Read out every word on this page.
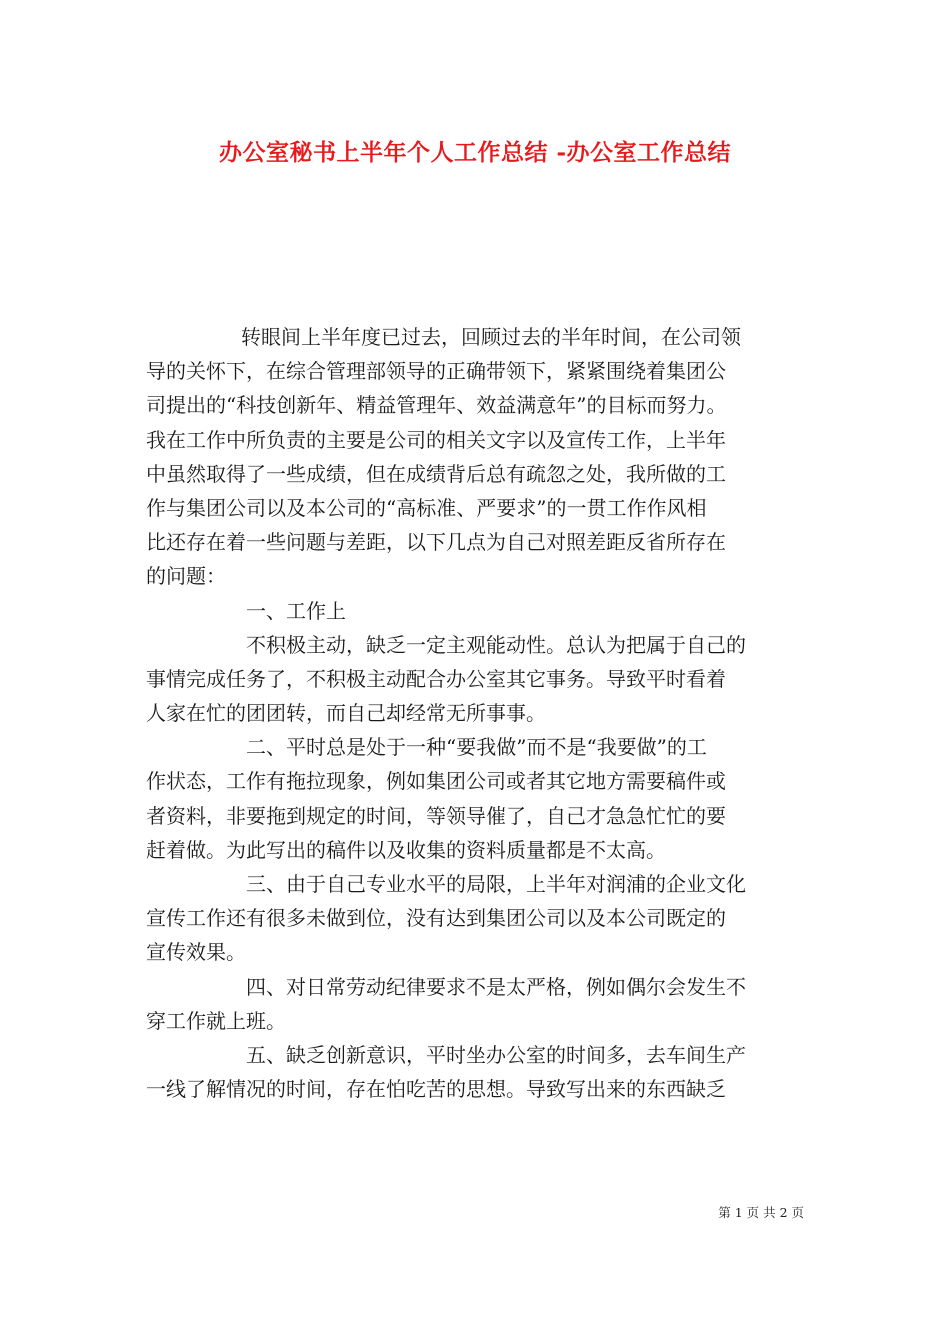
办公室秘书上半年个人工作总结 -办公室工作总结
转眼间上半年度已过去，回顾过去的半年时间，在公司领
导的关怀下，在综合管理部领导的正确带领下，紧紧围绕着集团公
司提出的“科技创新年、精益管理年、效益满意年”的目标而努力。
我在工作中所负责的主要是公司的相关文字以及宣传工作，上半年
中虽然取得了一些成绩，但在成绩背后总有疏忽之处，我所做的工
作与集团公司以及本公司的“高标准、严要求”的一贯工作作风相
比还存在着一些问题与差距，以下几点为自己对照差距反省所存在
的问题：
一、工作上
不积极主动，缺乏一定主观能动性。总认为把属于自己的
事情完成任务了，不积极主动配合办公室其它事务。导致平时看着
人家在忙的团团转，而自己却经常无所事事。
二、平时总是处于一种“要我做”而不是“我要做”的工
作状态，工作有拖拉现象，例如集团公司或者其它地方需要稿件或
者资料，非要拖到规定的时间，等领导催了，自己才急急忙忙的要
赶着做。为此写出的稿件以及收集的资料质量都是不太高。
三、由于自己专业水平的局限，上半年对润浦的企业文化
宣传工作还有很多未做到位，没有达到集团公司以及本公司既定的
宣传效果。
四、对日常劳动纪律要求不是太严格，例如偶尔会发生不
穿工作就上班。
五、缺乏创新意识，平时坐办公室的时间多，去车间生产
一线了解情况的时间，存在怕吃苦的思想。导致写出来的东西缺乏
第 1 页 共 2 页
